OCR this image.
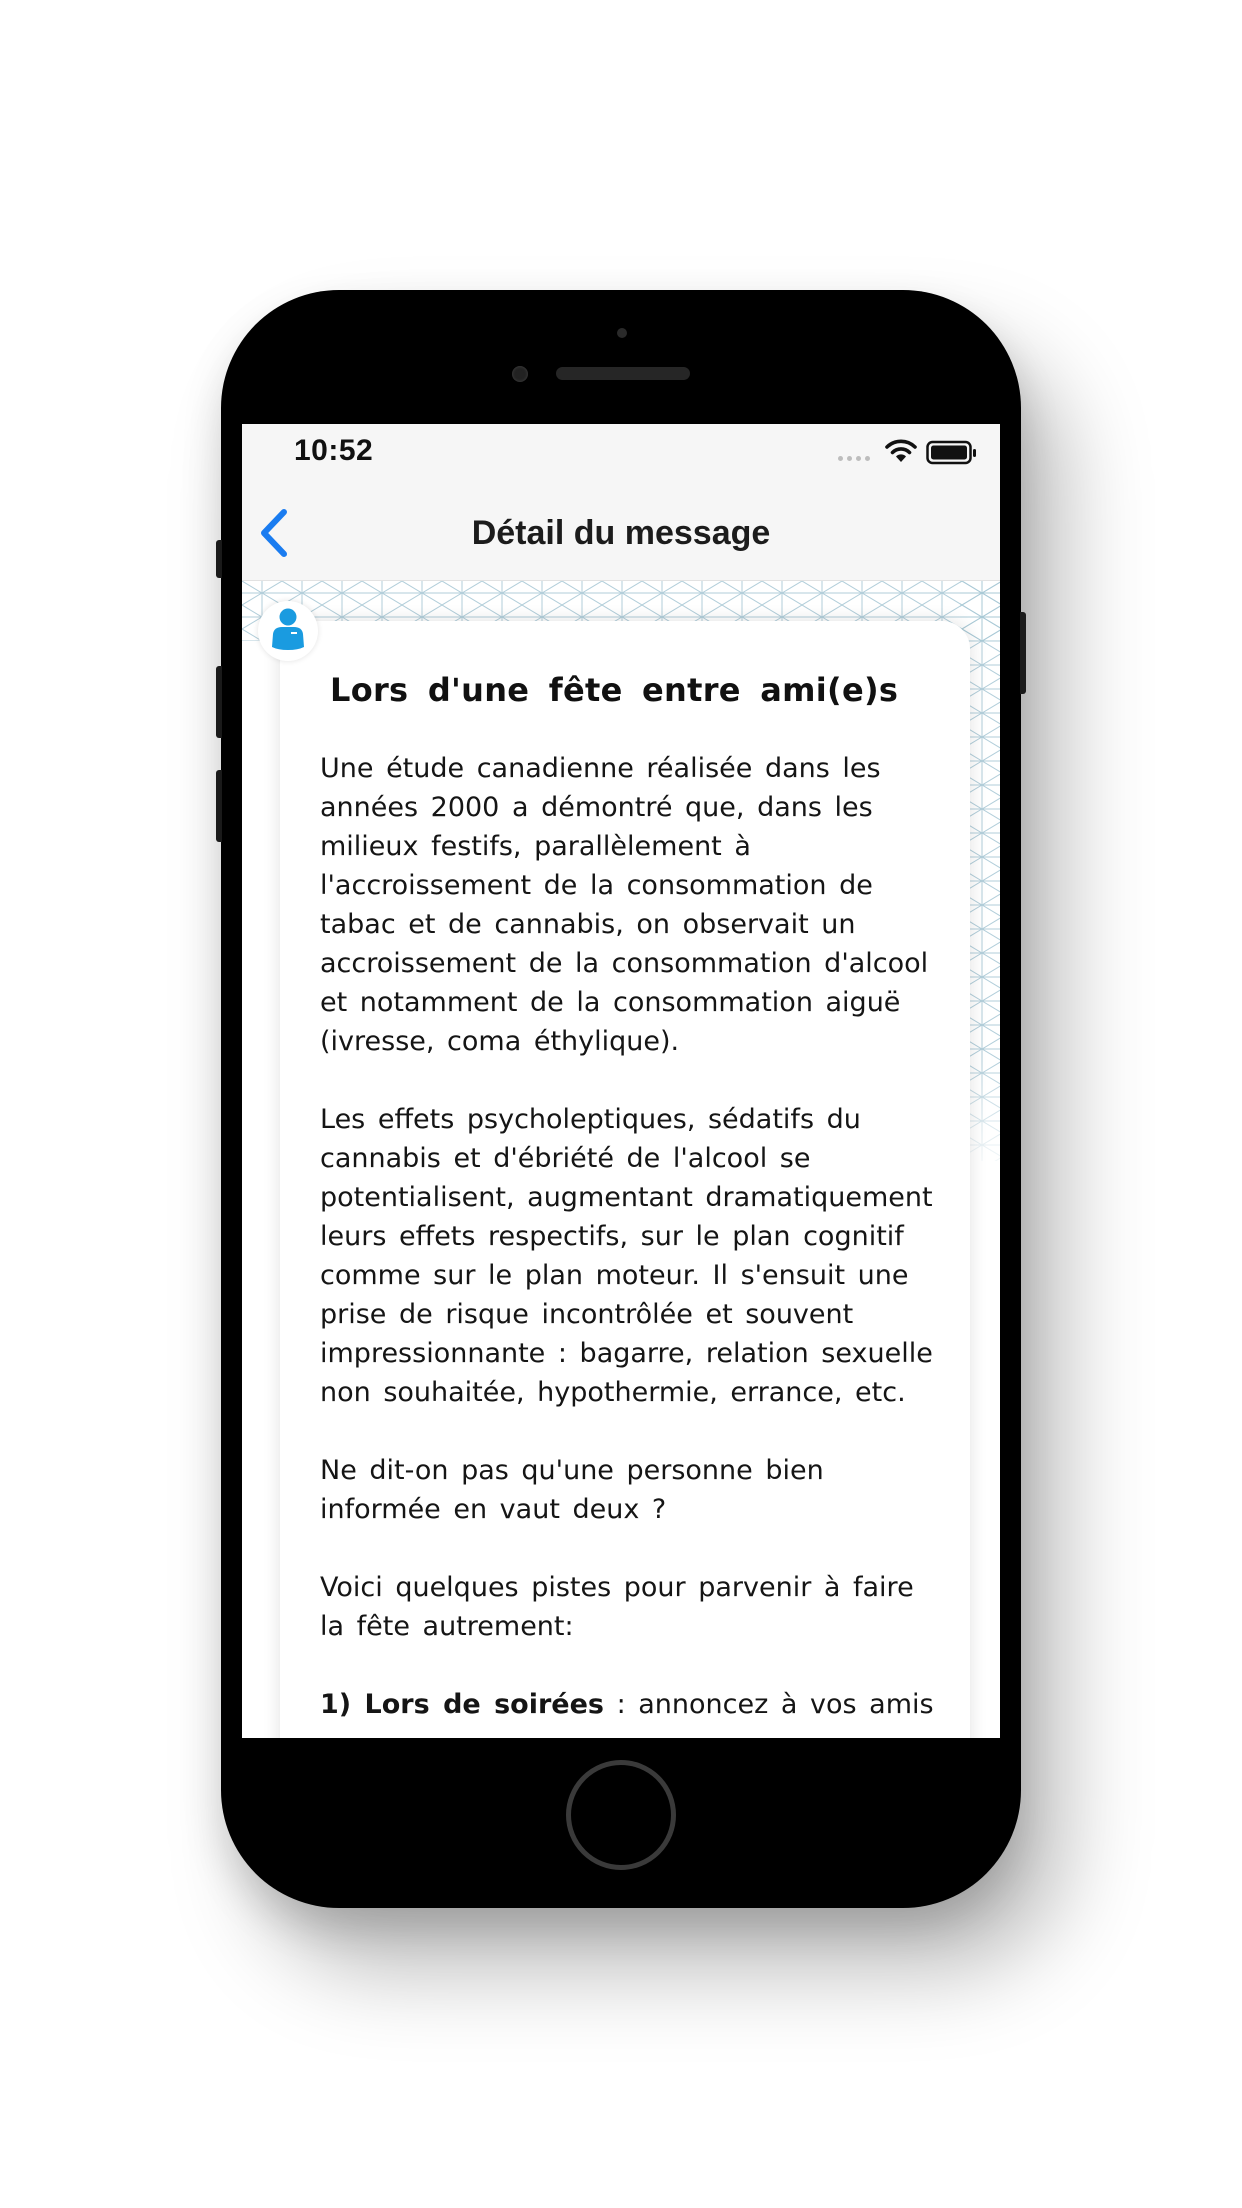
10:52
Détail du message
Lors d'une fête entre ami(e)s

Une étude canadienne réalisée dans les années 2000 a démontré que, dans les milieux festifs, parallèlement à l'accroissement de la consommation de tabac et de cannabis, on observait un accroissement de la consommation d'alcool et notamment de la consommation aiguë (ivresse, coma éthylique).

Les effets psycholeptiques, sédatifs du cannabis et d'ébriété de l'alcool se potentialisent, augmentant dramatiquement leurs effets respectifs, sur le plan cognitif comme sur le plan moteur. Il s'ensuit une prise de risque incontrôlée et souvent impressionnante : bagarre, relation sexuelle non souhaitée, hypothermie, errance, etc.

Ne dit-on pas qu'une personne bien informée en vaut deux ?

Voici quelques pistes pour parvenir à faire la fête autrement:

1) Lors de soirées : annoncez à vos amis
